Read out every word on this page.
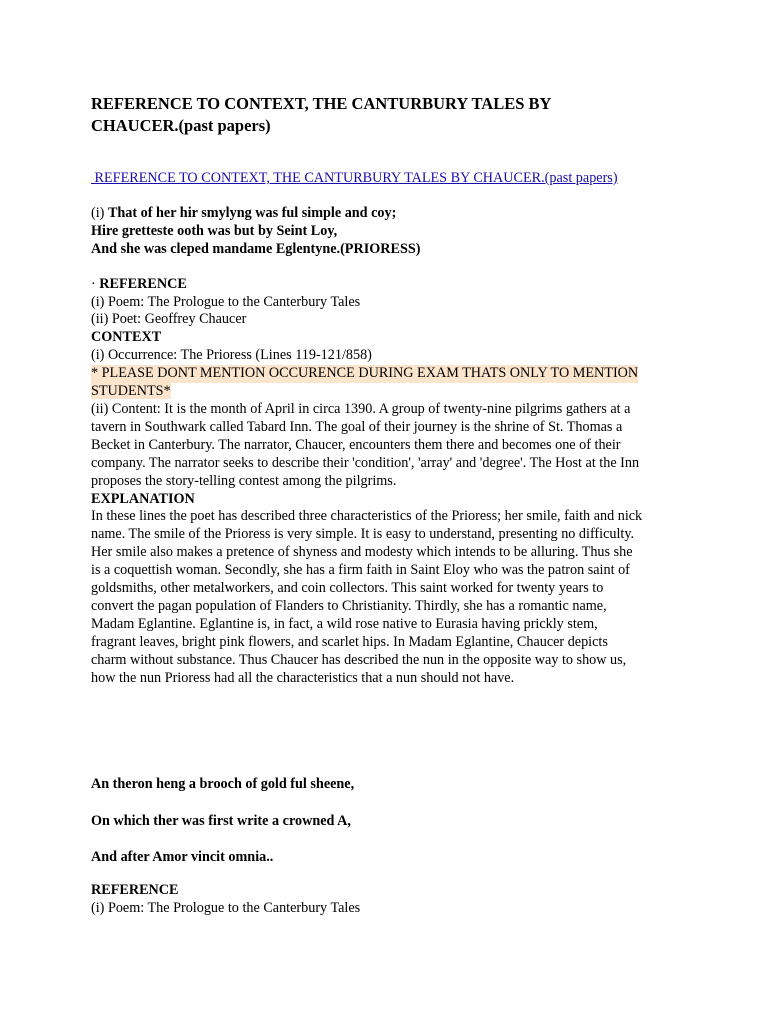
REFERENCE TO CONTEXT, THE CANTURBURY TALES BY
CHAUCER.(past papers)
REFERENCE TO CONTEXT, THE CANTURBURY TALES BY CHAUCER.(past papers)
(i) That of her hir smylyng was ful simple and coy;
Hire gretteste ooth was but by Seint Loy,
And she was cleped mandame Eglentyne.(PRIORESS)
· REFERENCE
(i) Poem: The Prologue to the Canterbury Tales
(ii) Poet: Geoffrey Chaucer
CONTEXT
(i) Occurrence: The Prioress (Lines 119-121/858)
* PLEASE DONT MENTION OCCURENCE DURING EXAM THATS ONLY TO MENTION
STUDENTS*
(ii) Content: It is the month of April in circa 1390. A group of twenty-nine pilgrims gathers at a
tavern in Southwark called Tabard Inn. The goal of their journey is the shrine of St. Thomas a
Becket in Canterbury. The narrator, Chaucer, encounters them there and becomes one of their
company. The narrator seeks to describe their 'condition', 'array' and 'degree'. The Host at the Inn
proposes the story-telling contest among the pilgrims.
EXPLANATION
In these lines the poet has described three characteristics of the Prioress; her smile, faith and nick
name. The smile of the Prioress is very simple. It is easy to understand, presenting no difficulty.
Her smile also makes a pretence of shyness and modesty which intends to be alluring. Thus she
is a coquettish woman. Secondly, she has a firm faith in Saint Eloy who was the patron saint of
goldsmiths, other metalworkers, and coin collectors. This saint worked for twenty years to
convert the pagan population of Flanders to Christianity. Thirdly, she has a romantic name,
Madam Eglantine. Eglantine is, in fact, a wild rose native to Eurasia having prickly stem,
fragrant leaves, bright pink flowers, and scarlet hips. In Madam Eglantine, Chaucer depicts
charm without substance. Thus Chaucer has described the nun in the opposite way to show us,
how the nun Prioress had all the characteristics that a nun should not have.
An theron heng a brooch of gold ful sheene,
On which ther was first write a crowned A,
And after Amor vincit omnia..
REFERENCE
(i) Poem: The Prologue to the Canterbury Tales
